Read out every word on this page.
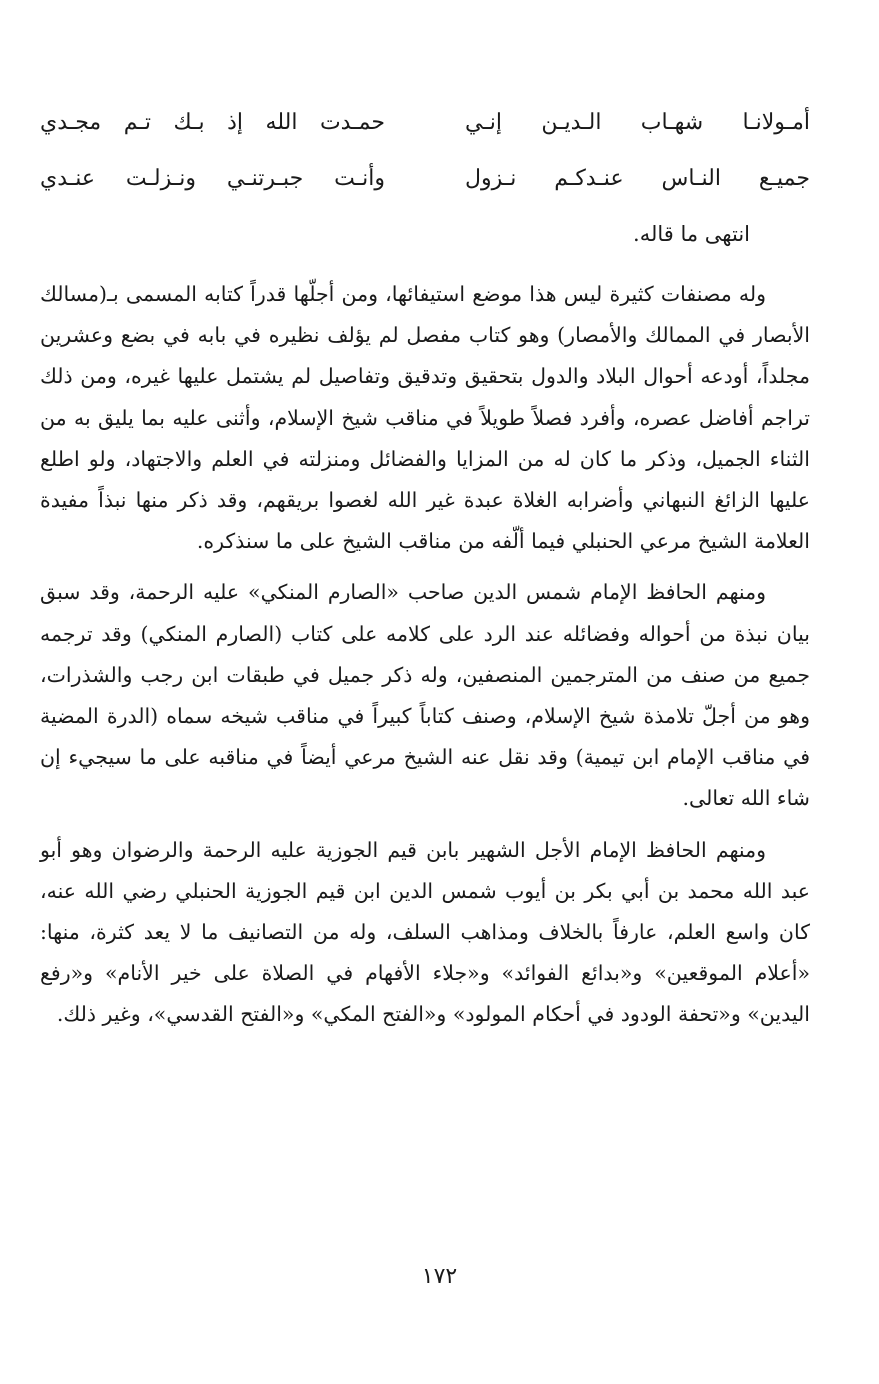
أمـولانـا شهـاب الـديـن إنـي
حمـدت الله إذ بـك تـم مجـدي
جميـع النـاس عنـدكـم نـزول
وأنـت جبـرتنـي ونـزلـت عنـدي
انتهى ما قاله.

وله مصنفات كثيرة ليس هذا موضع استيفائها، ومن أجلّها قدراً كتابه المسمى بـ(مسالك الأبصار في الممالك والأمصار) وهو كتاب مفصل لم يؤلف نظيره في بابه في بضع وعشرين مجلداً، أودعه أحوال البلاد والدول بتحقيق وتدقيق وتفاصيل لم يشتمل عليها غيره، ومن ذلك تراجم أفاضل عصره، وأفرد فصلاً طويلاً في مناقب شيخ الإسلام، وأثنى عليه بما يليق به من الثناء الجميل، وذكر ما كان له من المزايا والفضائل ومنزلته في العلم والاجتهاد، ولو اطلع عليها الزائغ النبهاني وأضرابه الغلاة عبدة غير الله لغصوا بريقهم، وقد ذكر منها نبذاً مفيدة العلامة الشيخ مرعي الحنبلي فيما ألّفه من مناقب الشيخ على ما سنذكره.

ومنهم الحافظ الإمام شمس الدين صاحب «الصارم المنكي» عليه الرحمة، وقد سبق بيان نبذة من أحواله وفضائله عند الرد على كلامه على كتاب (الصارم المنكي) وقد ترجمه جميع من صنف من المترجمين المنصفين، وله ذكر جميل في طبقات ابن رجب والشذرات، وهو من أجلّ تلامذة شيخ الإسلام، وصنف كتاباً كبيراً في مناقب شيخه سماه (الدرة المضية في مناقب الإمام ابن تيمية) وقد نقل عنه الشيخ مرعي أيضاً في مناقبه على ما سيجيء إن شاء الله تعالى.

ومنهم الحافظ الإمام الأجل الشهير بابن قيم الجوزية عليه الرحمة والرضوان وهو أبو عبد الله محمد بن أبي بكر بن أيوب شمس الدين ابن قيم الجوزية الحنبلي رضي الله عنه، كان واسع العلم، عارفاً بالخلاف ومذاهب السلف، وله من التصانيف ما لا يعد كثرة، منها: «أعلام الموقعين» و«بدائع الفوائد» و«جلاء الأفهام في الصلاة على خير الأنام» و«رفع اليدين» و«تحفة الودود في أحكام المولود» و«الفتح المكي» و«الفتح القدسي»، وغير ذلك.

١٧٢
